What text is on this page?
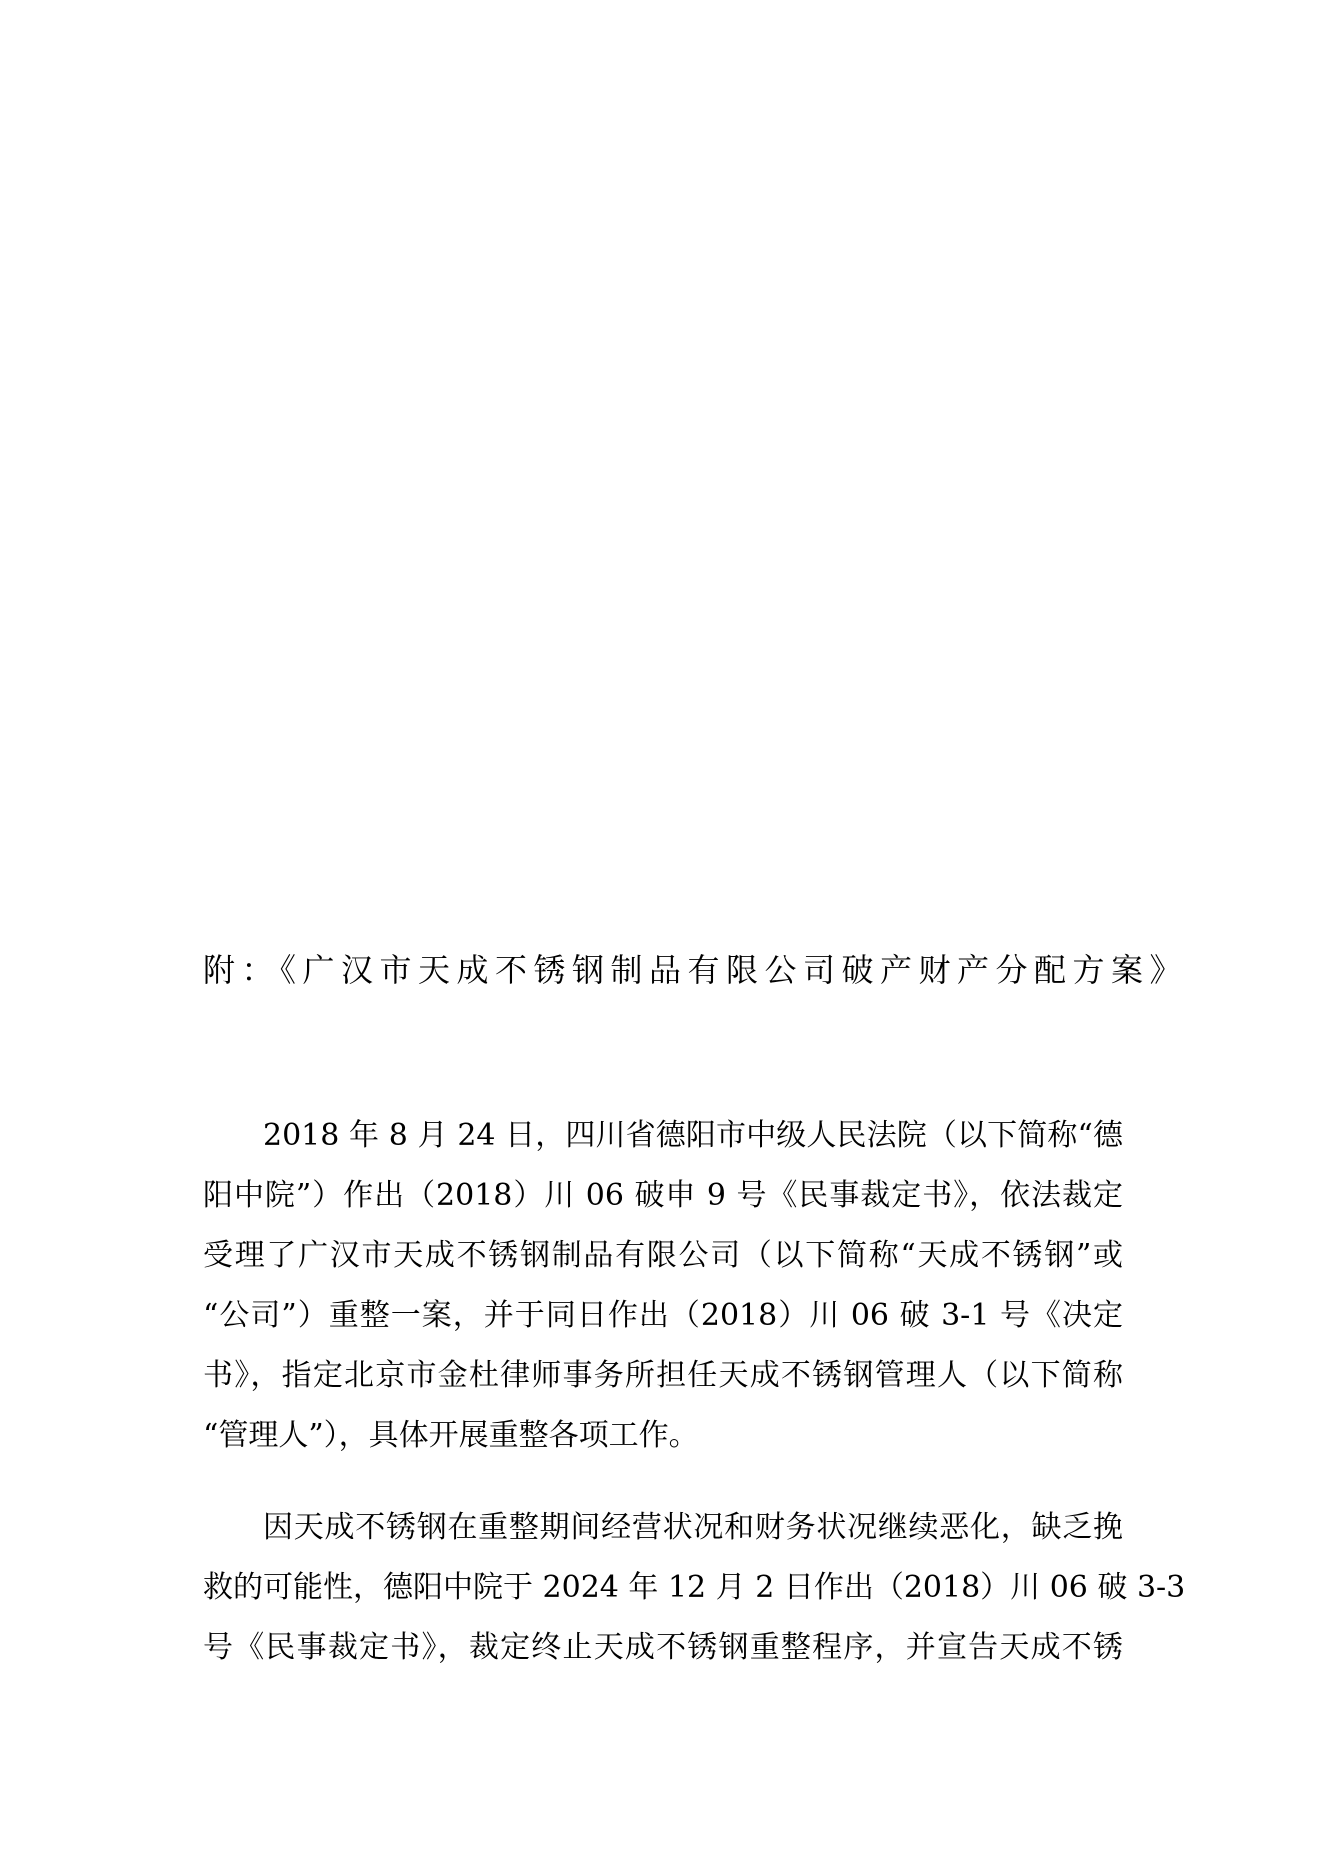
附：《广汉市天成不锈钢制品有限公司破产财产分配方案》
2018 年 8 月 24 日，四川省德阳市中级人民法院（以下简称“德
阳中院”）作出（2018）川 06 破申 9 号《民事裁定书》，依法裁定
受理了广汉市天成不锈钢制品有限公司（以下简称“天成不锈钢”或
“公司”）重整一案，并于同日作出（2018）川 06 破 3-1 号《决定
书》，指定北京市金杜律师事务所担任天成不锈钢管理人（以下简称
“管理人”），具体开展重整各项工作。
因天成不锈钢在重整期间经营状况和财务状况继续恶化，缺乏挽
救的可能性，德阳中院于 2024 年 12 月 2 日作出（2018）川 06 破 3-3
号《民事裁定书》，裁定终止天成不锈钢重整程序，并宣告天成不锈
